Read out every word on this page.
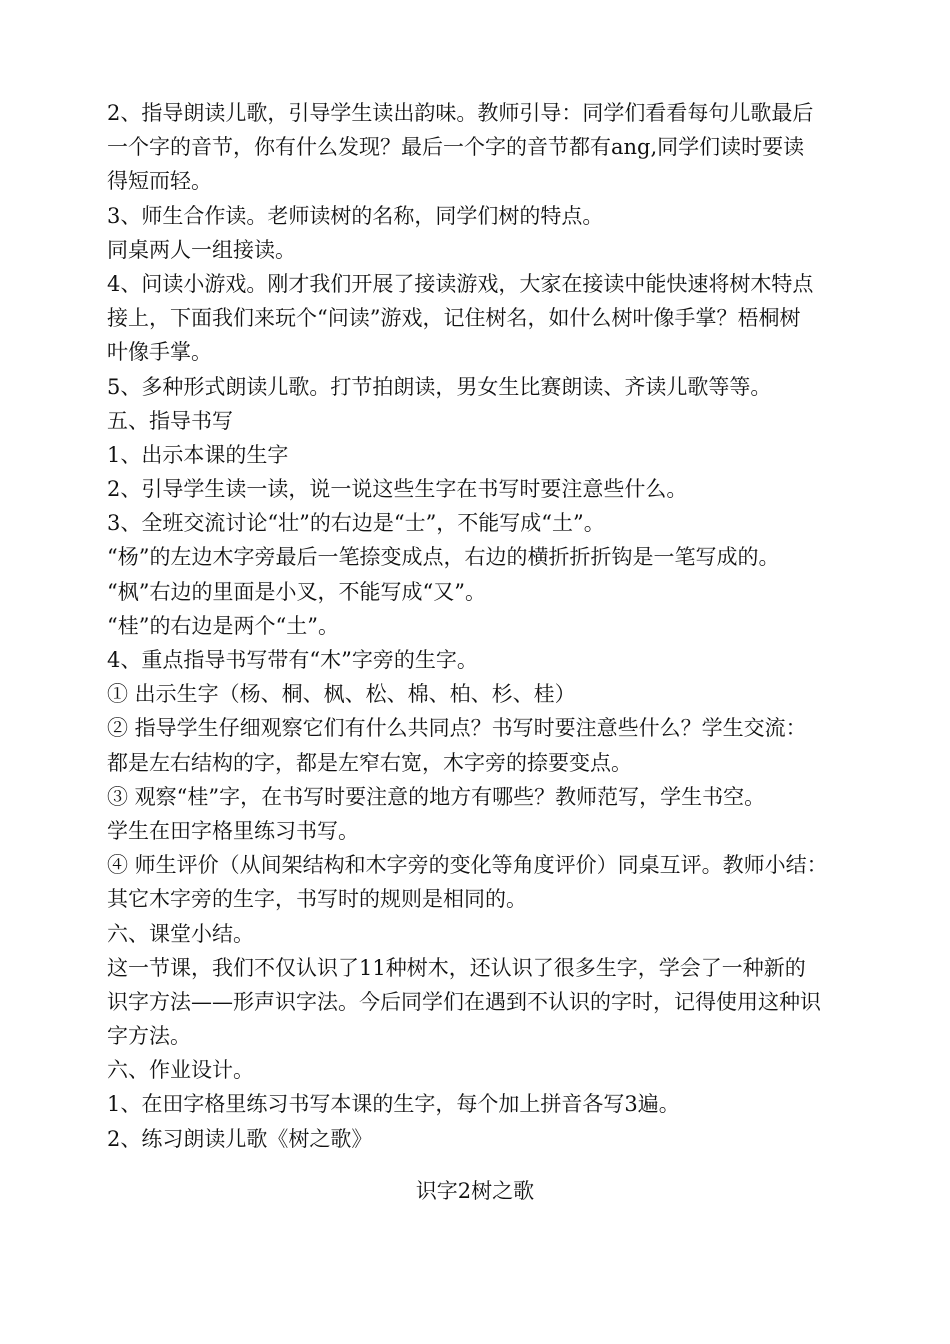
2、指导朗读儿歌，引导学生读出韵味。教师引导：同学们看看每句儿歌最后
一个字的音节，你有什么发现？最后一个字的音节都有ang,同学们读时要读
得短而轻。
3、师生合作读。老师读树的名称，同学们树的特点。
同桌两人一组接读。
4、问读小游戏。刚才我们开展了接读游戏，大家在接读中能快速将树木特点
接上，下面我们来玩个“问读”游戏，记住树名，如什么树叶像手掌？梧桐树
叶像手掌。
5、多种形式朗读儿歌。打节拍朗读，男女生比赛朗读、齐读儿歌等等。
五、指导书写
1、出示本课的生字
2、引导学生读一读，说一说这些生字在书写时要注意些什么。
3、全班交流讨论“壮”的右边是“士”，不能写成“土”。
“杨”的左边木字旁最后一笔捺变成点，右边的横折折折钩是一笔写成的。
“枫”右边的里面是小叉，不能写成“又”。
“桂”的右边是两个“土”。
4、重点指导书写带有“木”字旁的生字。
① 出示生字（杨、桐、枫、松、棉、柏、杉、桂）
② 指导学生仔细观察它们有什么共同点？书写时要注意些什么？学生交流：
都是左右结构的字，都是左窄右宽，木字旁的捺要变点。
③ 观察“桂”字，在书写时要注意的地方有哪些？教师范写，学生书空。
学生在田字格里练习书写。
④ 师生评价（从间架结构和木字旁的变化等角度评价）同桌互评。教师小结：
其它木字旁的生字，书写时的规则是相同的。
六、课堂小结。
这一节课，我们不仅认识了11种树木，还认识了很多生字，学会了一种新的
识字方法——形声识字法。今后同学们在遇到不认识的字时，记得使用这种识
字方法。
六、作业设计。
1、在田字格里练习书写本课的生字，每个加上拼音各写3遍。
2、练习朗读儿歌《树之歌》
识字2树之歌
